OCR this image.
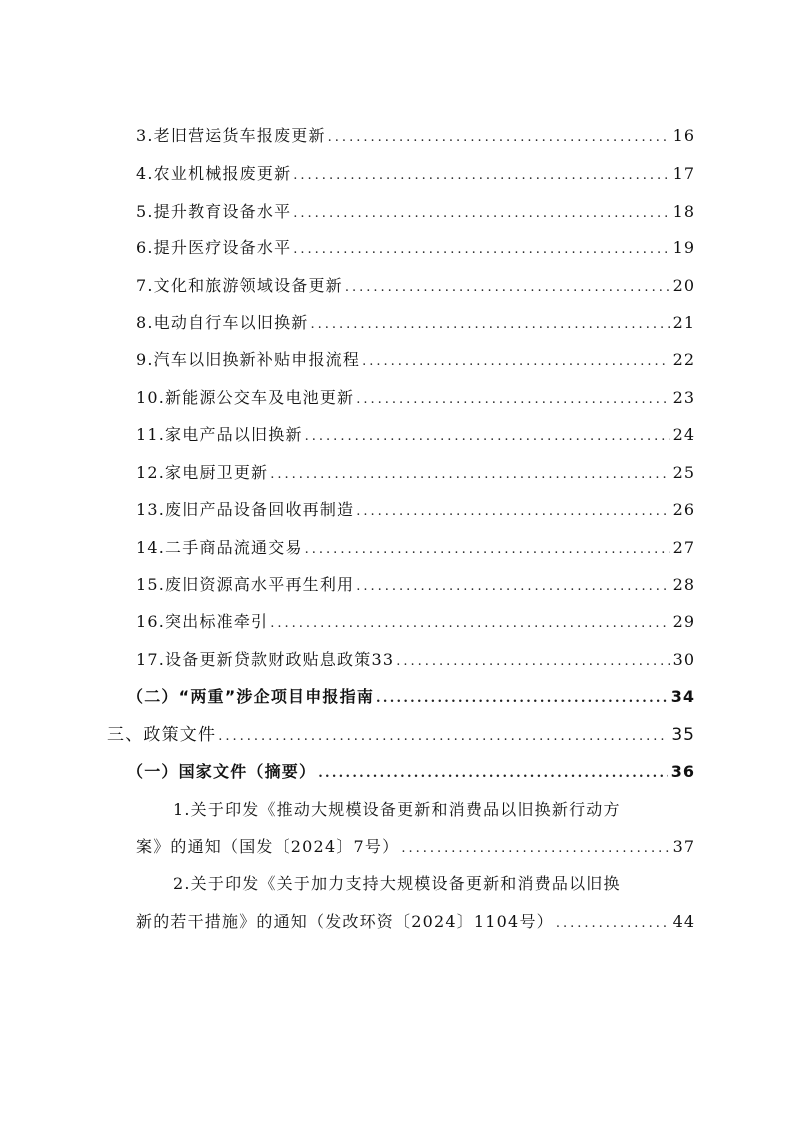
3.老旧营运货车报废更新 .....	16
4.农业机械报废更新 .....	17
5.提升教育设备水平 .....	18
6.提升医疗设备水平 .....	19
7.文化和旅游领域设备更新 .....	20
8.电动自行车以旧换新 .....	21
9.汽车以旧换新补贴申报流程 .....	22
10.新能源公交车及电池更新 .....	23
11.家电产品以旧换新 .....	24
12.家电厨卫更新 .....	25
13.废旧产品设备回收再制造 .....	26
14.二手商品流通交易 .....	27
15.废旧资源高水平再生利用 .....	28
16.突出标准牵引 .....	29
17.设备更新贷款财政贴息政策33 .....	30
（二）“两重”涉企项目申报指南 .....	34
三、政策文件 .....	35
（一）国家文件（摘要） .....	36
1.关于印发《推动大规模设备更新和消费品以旧换新行动方
案》的通知（国发〔2024〕7号） .....	37
2.关于印发《关于加力支持大规模设备更新和消费品以旧换
新的若干措施》的通知（发改环资〔2024〕1104号） .....	44
